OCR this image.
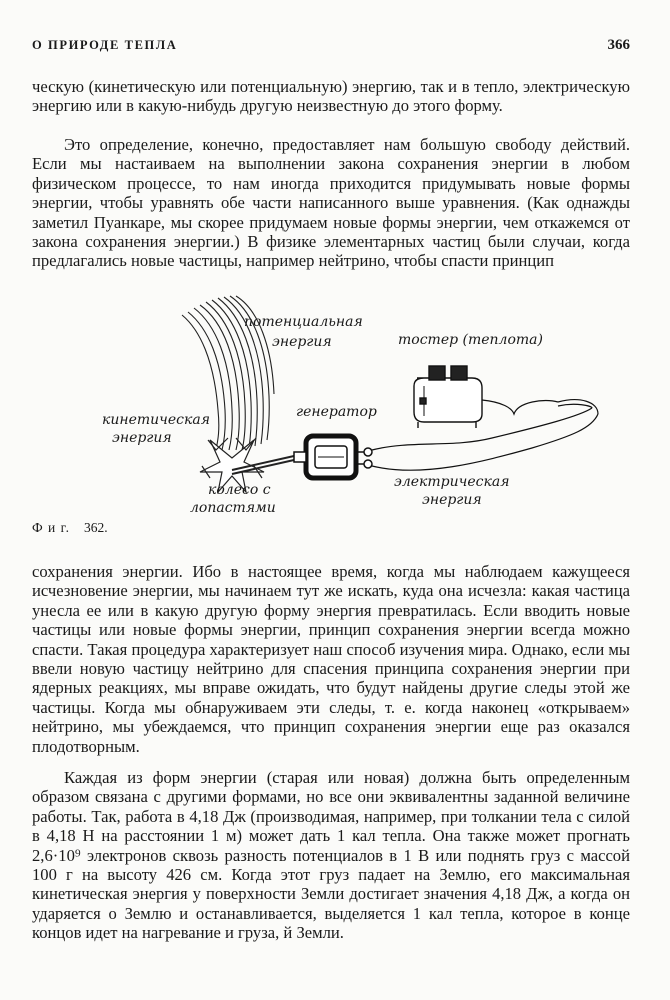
О ПРИРОДЕ ТЕПЛА	366

ческую (кинетическую или потенциальную) энергию, так и в тепло, электрическую энергию или в какую-нибудь другую неизвестную до этого форму.

Это определение, конечно, предоставляет нам большую свободу действий. Если мы настаиваем на выполнении закона сохранения энергии в любом физическом процессе, то нам иногда приходится придумывать новые формы энергии, чтобы уравнять обе части написанного выше уравнения. (Как однажды заметил Пуанкаре, мы скорее придумаем новые формы энергии, чем откажемся от закона сохранения энергии.) В физике элементарных частиц были случаи, когда предлагались новые частицы, например нейтрино, чтобы спасти принцип

потенциальная
энергия	тостер (теплота)
кинетическая
энергия
генератор
колесо с
лопастями
электрическая
энергия
Ф и г. 362.

сохранения энергии. Ибо в настоящее время, когда мы наблюдаем кажущееся исчезновение энергии, мы начинаем тут же искать, куда она исчезла: какая частица унесла ее или в какую другую форму энергия превратилась. Если вводить новые частицы или новые формы энергии, принцип сохранения энергии всегда можно спасти. Такая процедура характеризует наш способ изучения мира. Однако, если мы ввели новую частицу нейтрино для спасения принципа сохранения энергии при ядерных реакциях, мы вправе ожидать, что будут найдены другие следы этой же частицы. Когда мы обнаруживаем эти следы, т. е. когда наконец «открываем» нейтрино, мы убеждаемся, что принцип сохранения энергии еще раз оказался плодотворным.

Каждая из форм энергии (старая или новая) должна быть определенным образом связана с другими формами, но все они эквивалентны заданной величине работы. Так, работа в 4,18 Дж (производимая, например, при толкании тела с силой в 4,18 Н на расстоянии 1 м) может дать 1 кал тепла. Она также может прогнать 2,6·10⁹ электронов сквозь разность потенциалов в 1 В или поднять груз с массой 100 г на высоту 426 см. Когда этот груз падает на Землю, его максимальная кинетическая энергия у поверхности Земли достигает значения 4,18 Дж, а когда он ударяется о Землю и останавливается, выделяется 1 кал тепла, которое в конце концов идет на нагревание и груза, й Земли.
